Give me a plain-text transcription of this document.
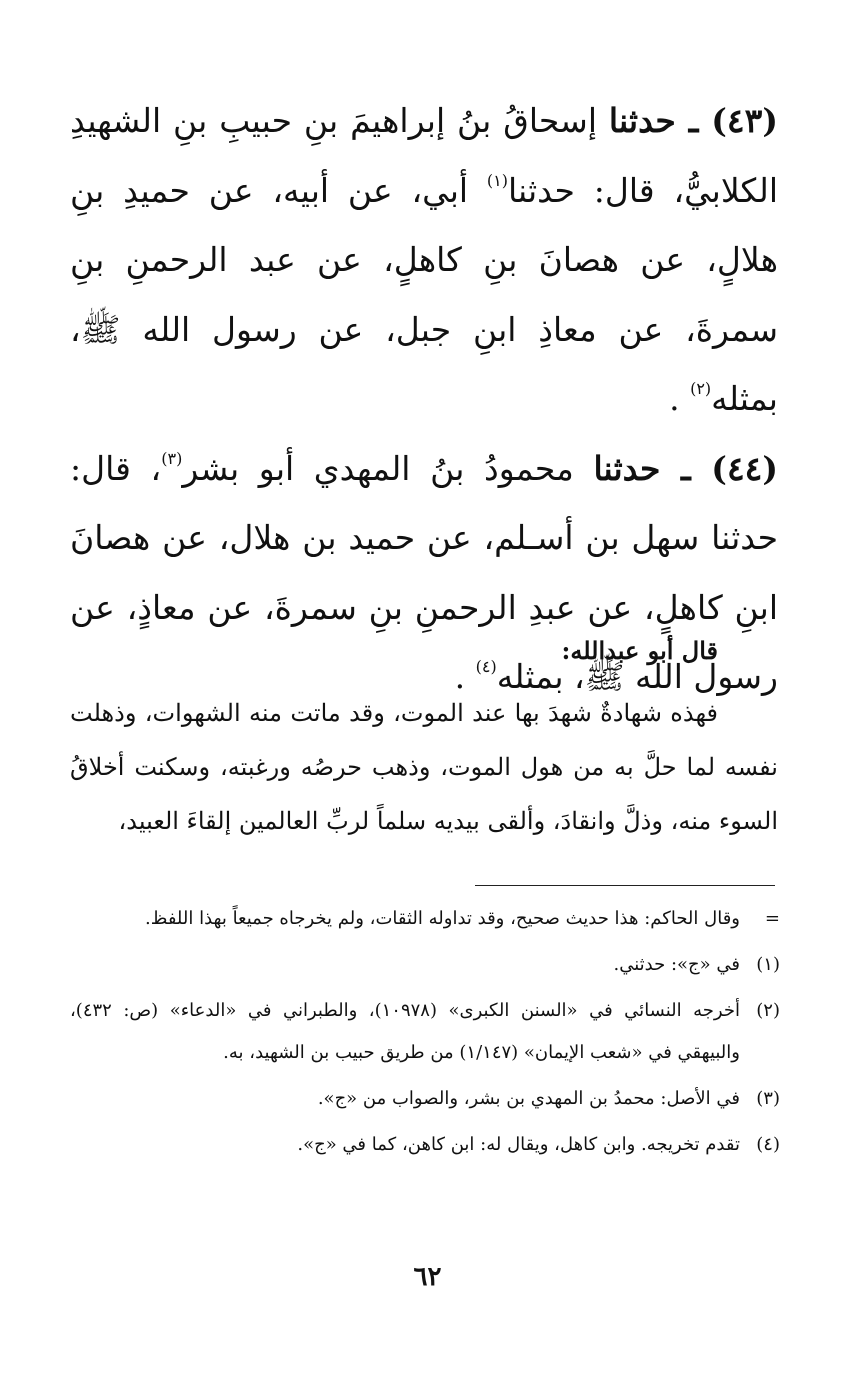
(٤٣) ـ حدثنا إسحاقُ بنُ إبراهيمَ بنِ حبيبِ بنِ الشهيدِ الكلابيُّ، قال: حدثنا$^{(١)}$ أبي، عن أبيه، عن حميدِ بنِ هلالٍ، عن هصانَ بنِ كاهلٍ، عن عبد الرحمنِ بنِ سمرةَ، عن معاذِ ابنِ جبل، عن رسول الله ﷺ، بمثله$^{(٢)}$ .

(٤٤) ـ حدثنا محمودُ بنُ المهدي أبو بشر$^{(٣)}$، قال: حدثنا سهل بن أسـلم، عن حميد بن هلال، عن هصانَ ابنِ كاهلٍ، عن عبدِ الرحمنِ بنِ سمرةَ، عن معاذٍ، عن رسول الله ﷺ، بمثله$^{(٤)}$ .

قال أبو عبدالله:

فهذه شهادةٌ شهدَ بها عند الموت، وقد ماتت منه الشهوات، وذهلت نفسه لما حلَّ به من هول الموت، وذهب حرصُه ورغبته، وسكنت أخلاقُ السوء منه، وذلَّ وانقادَ، وألقى بيديه سلماً لربِّ العالمين إلقاءَ العبيد،

=
وقال الحاكم: هذا حديث صحيح، وقد تداوله الثقات، ولم يخرجاه جميعاً بهذا اللفظ.
(١)
في «ج»: حدثني.
(٢)
أخرجه النسائي في «السنن الكبرى» (١٠٩٧٨)، والطبراني في «الدعاء» (ص: ٤٣٢)، والبيهقي في «شعب الإيمان» (١/١٤٧) من طريق حبيب بن الشهيد، به.
(٣)
في الأصل: محمدُ بن المهدي بن بشر، والصواب من «ج».
(٤)
تقدم تخريجه. وابن كاهل، ويقال له: ابن كاهن، كما في «ج».
٦٢
